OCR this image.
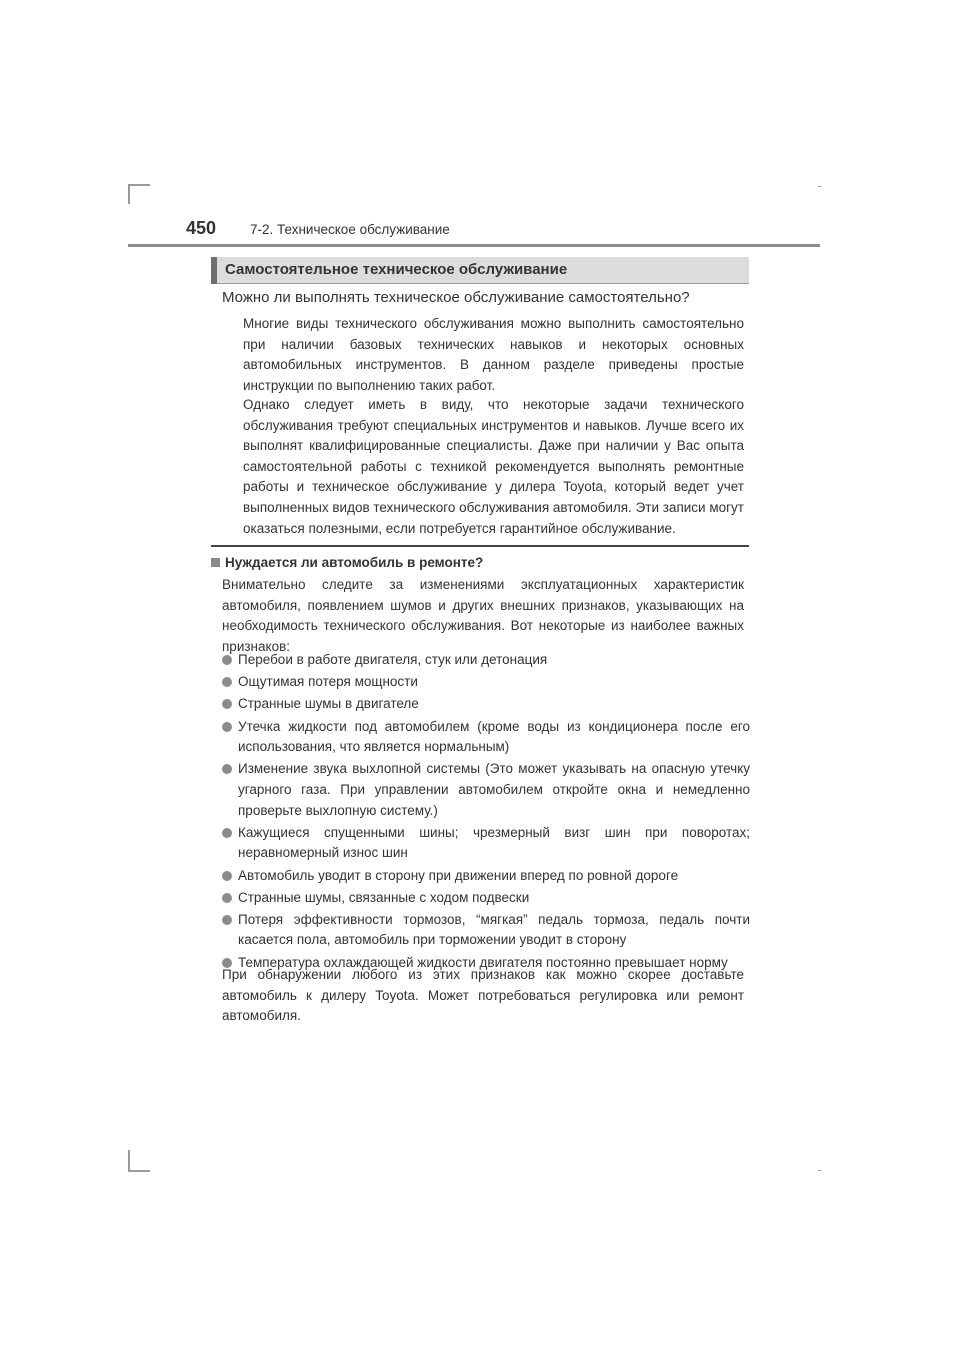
450	7-2. Техническое обслуживание
Самостоятельное техническое обслуживание
Можно ли выполнять техническое обслуживание самостоятельно?
Многие виды технического обслуживания можно выполнить самостоятельно при наличии базовых технических навыков и некоторых основных автомобильных инструментов. В данном разделе приведены простые инструкции по выполнению таких работ.
Однако следует иметь в виду, что некоторые задачи технического обслуживания требуют специальных инструментов и навыков. Лучше всего их выполнят квалифицированные специалисты. Даже при наличии у Вас опыта самостоятельной работы с техникой рекомендуется выполнять ремонтные работы и техническое обслуживание у дилера Toyota, который ведет учет выполненных видов технического обслуживания автомобиля. Эти записи могут оказаться полезными, если потребуется гарантийное обслуживание.
Нуждается ли автомобиль в ремонте?
Внимательно следите за изменениями эксплуатационных характеристик автомобиля, появлением шумов и других внешних признаков, указывающих на необходимость технического обслуживания. Вот некоторые из наиболее важных признаков:
Перебои в работе двигателя, стук или детонация
Ощутимая потеря мощности
Странные шумы в двигателе
Утечка жидкости под автомобилем (кроме воды из кондиционера после его использования, что является нормальным)
Изменение звука выхлопной системы (Это может указывать на опасную утечку угарного газа. При управлении автомобилем откройте окна и немедленно проверьте выхлопную систему.)
Кажущиеся спущенными шины; чрезмерный визг шин при поворотах; неравномерный износ шин
Автомобиль уводит в сторону при движении вперед по ровной дороге
Странные шумы, связанные с ходом подвески
Потеря эффективности тормозов, “мягкая” педаль тормоза, педаль почти касается пола, автомобиль при торможении уводит в сторону
Температура охлаждающей жидкости двигателя постоянно превышает норму
При обнаружении любого из этих признаков как можно скорее доставьте автомобиль к дилеру Toyota. Может потребоваться регулировка или ремонт автомобиля.
